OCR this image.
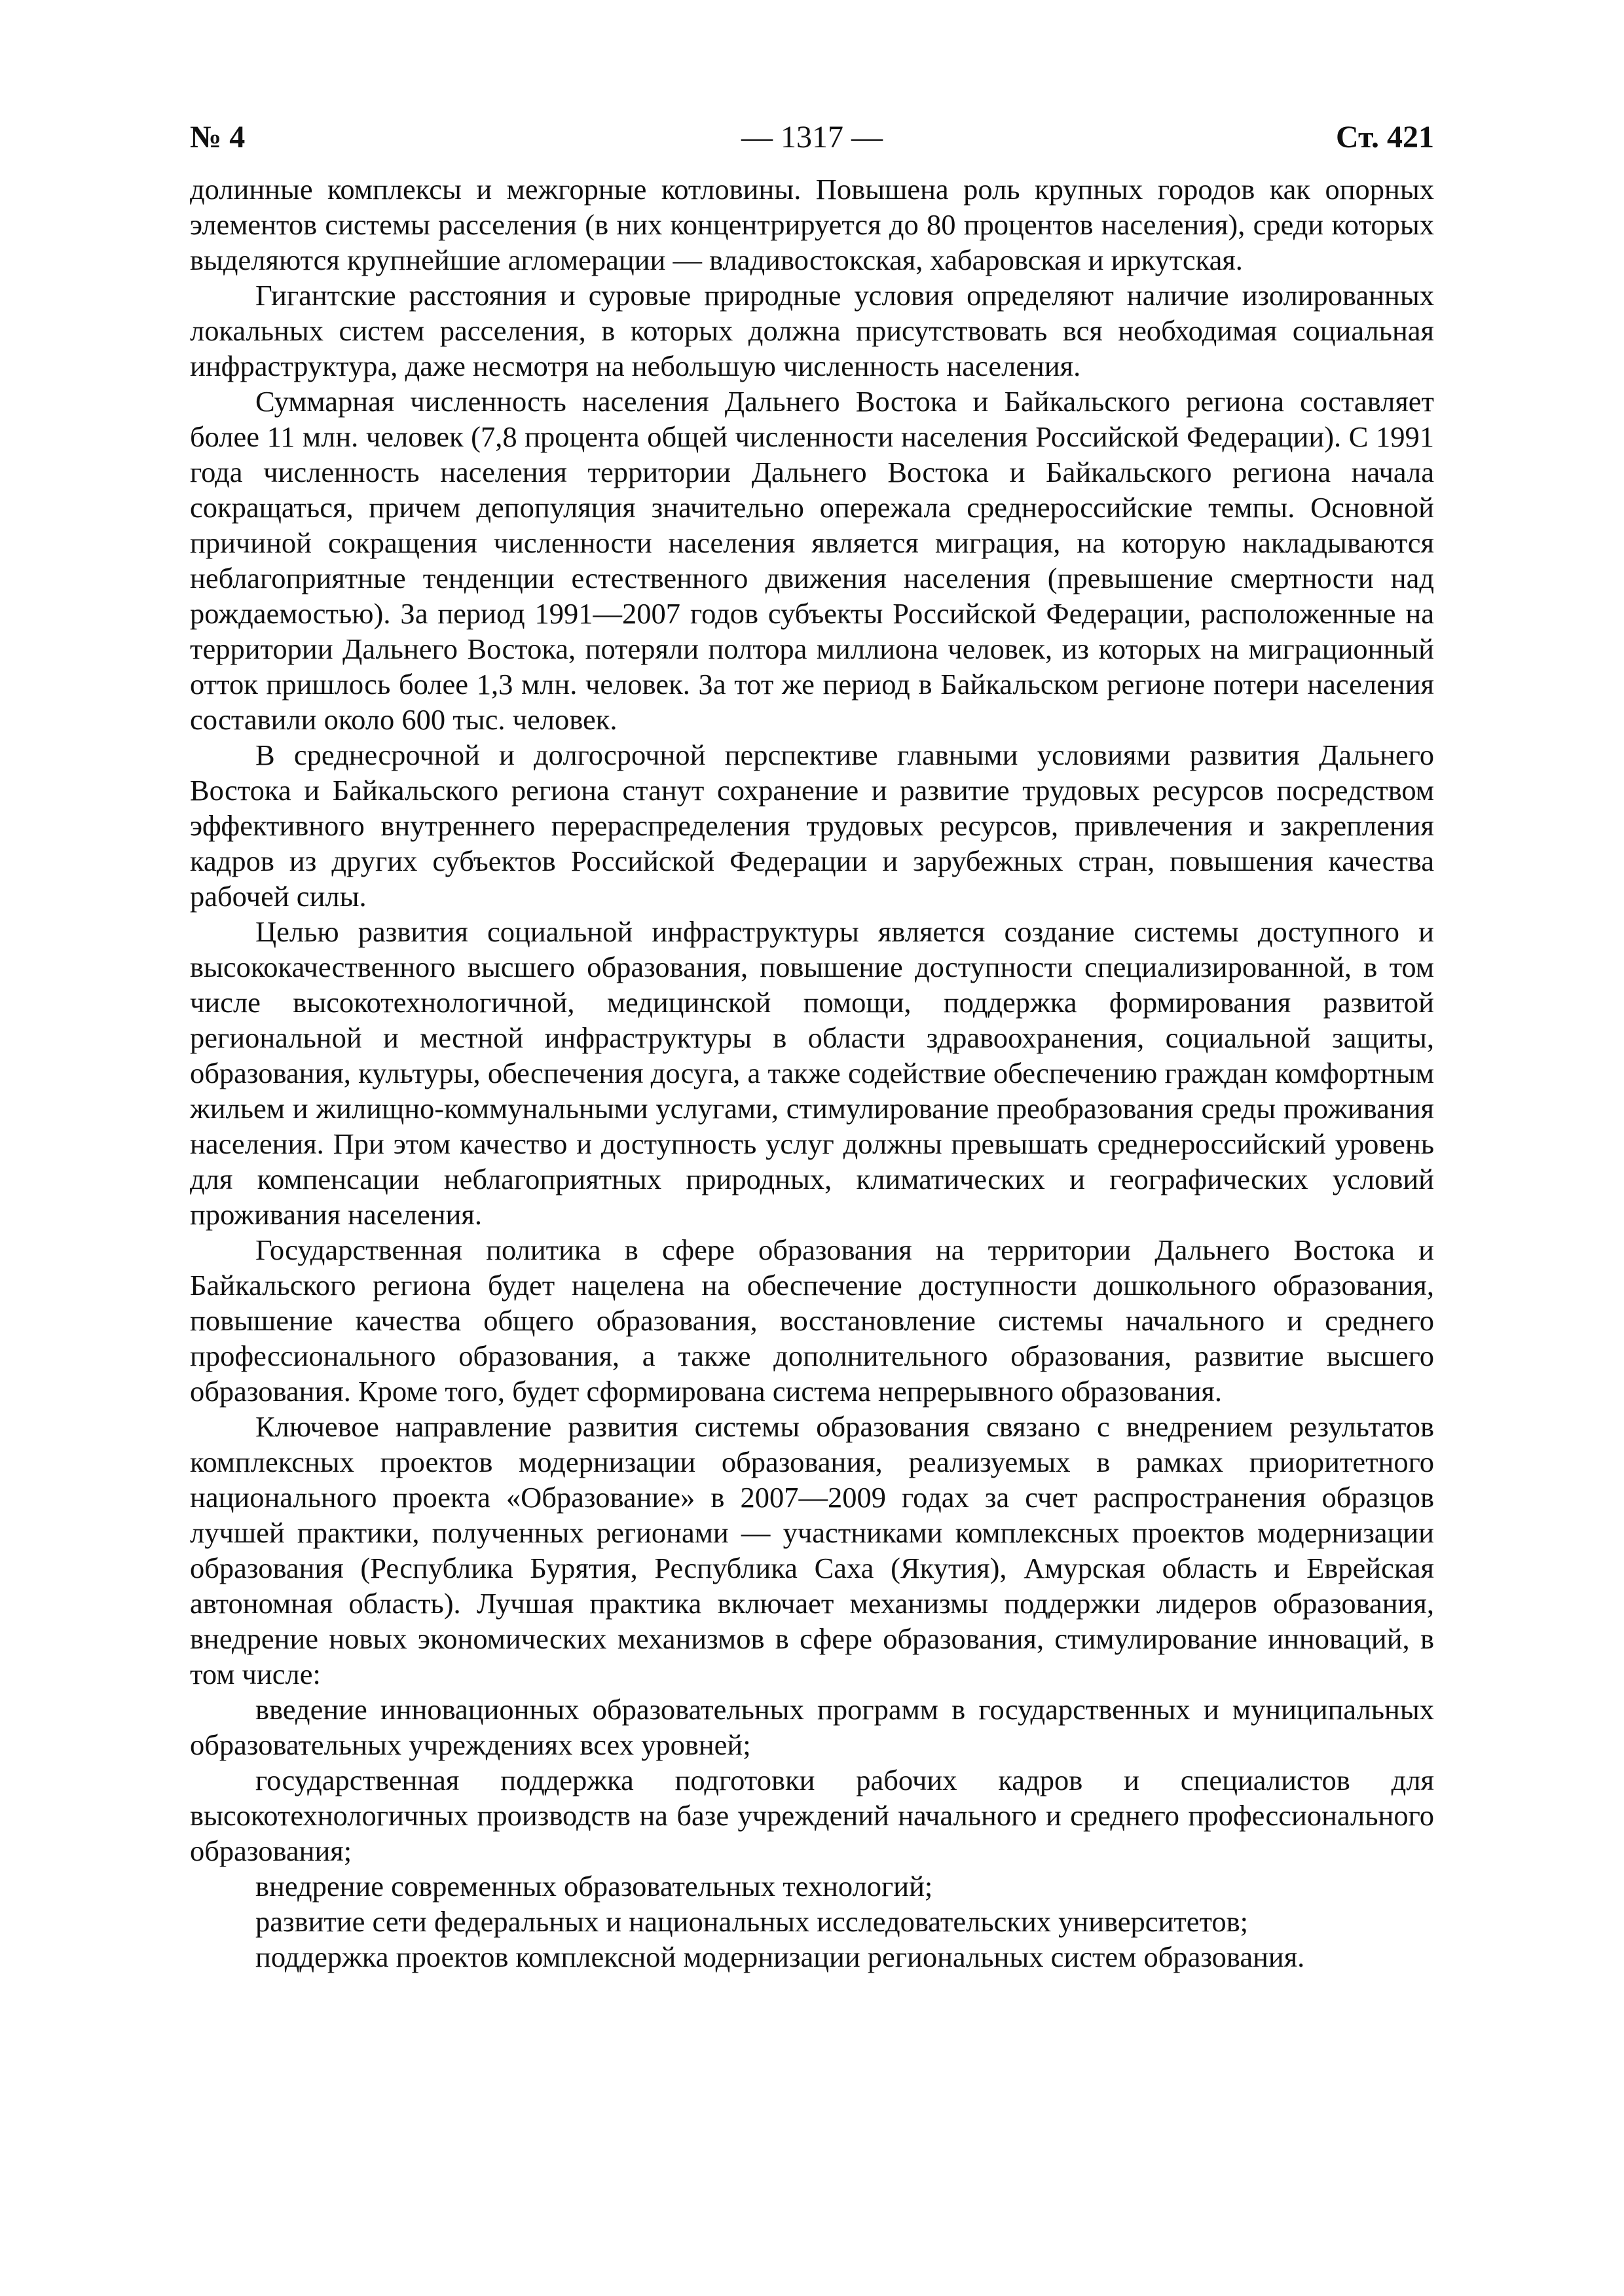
№ 4	— 1317 —	Ст. 421

долинные комплексы и межгорные котловины. Повышена роль крупных городов как опорных элементов системы расселения (в них концентрируется до 80 процентов населения), среди которых выделяются крупнейшие агломерации — владивостокская, хабаровская и иркутская.

Гигантские расстояния и суровые природные условия определяют наличие изолированных локальных систем расселения, в которых должна присутствовать вся необходимая социальная инфраструктура, даже несмотря на небольшую численность населения.

Суммарная численность населения Дальнего Востока и Байкальского региона составляет более 11 млн. человек (7,8 процента общей численности населения Российской Федерации). С 1991 года численность населения территории Дальнего Востока и Байкальского региона начала сокращаться, причем депопуляция значительно опережала среднероссийские темпы. Основной причиной сокращения численности населения является миграция, на которую накладываются неблагоприятные тенденции естественного движения населения (превышение смертности над рождаемостью). За период 1991—2007 годов субъекты Российской Федерации, расположенные на территории Дальнего Востока, потеряли полтора миллиона человек, из которых на миграционный отток пришлось более 1,3 млн. человек. За тот же период в Байкальском регионе потери населения составили около 600 тыс. человек.

В среднесрочной и долгосрочной перспективе главными условиями развития Дальнего Востока и Байкальского региона станут сохранение и развитие трудовых ресурсов посредством эффективного внутреннего перераспределения трудовых ресурсов, привлечения и закрепления кадров из других субъектов Российской Федерации и зарубежных стран, повышения качества рабочей силы.

Целью развития социальной инфраструктуры является создание системы доступного и высококачественного высшего образования, повышение доступности специализированной, в том числе высокотехнологичной, медицинской помощи, поддержка формирования развитой региональной и местной инфраструктуры в области здравоохранения, социальной защиты, образования, культуры, обеспечения досуга, а также содействие обеспечению граждан комфортным жильем и жилищно-коммунальными услугами, стимулирование преобразования среды проживания населения. При этом качество и доступность услуг должны превышать среднероссийский уровень для компенсации неблагоприятных природных, климатических и географических условий проживания населения.

Государственная политика в сфере образования на территории Дальнего Востока и Байкальского региона будет нацелена на обеспечение доступности дошкольного образования, повышение качества общего образования, восстановление системы начального и среднего профессионального образования, а также дополнительного образования, развитие высшего образования. Кроме того, будет сформирована система непрерывного образования.

Ключевое направление развития системы образования связано с внедрением результатов комплексных проектов модернизации образования, реализуемых в рамках приоритетного национального проекта «Образование» в 2007—2009 годах за счет распространения образцов лучшей практики, полученных регионами — участниками комплексных проектов модернизации образования (Республика Бурятия, Республика Саха (Якутия), Амурская область и Еврейская автономная область). Лучшая практика включает механизмы поддержки лидеров образования, внедрение новых экономических механизмов в сфере образования, стимулирование инноваций, в том числе:

введение инновационных образовательных программ в государственных и муниципальных образовательных учреждениях всех уровней;

государственная поддержка подготовки рабочих кадров и специалистов для высокотехнологичных производств на базе учреждений начального и среднего профессионального образования;

внедрение современных образовательных технологий;

развитие сети федеральных и национальных исследовательских университетов;

поддержка проектов комплексной модернизации региональных систем образования.
